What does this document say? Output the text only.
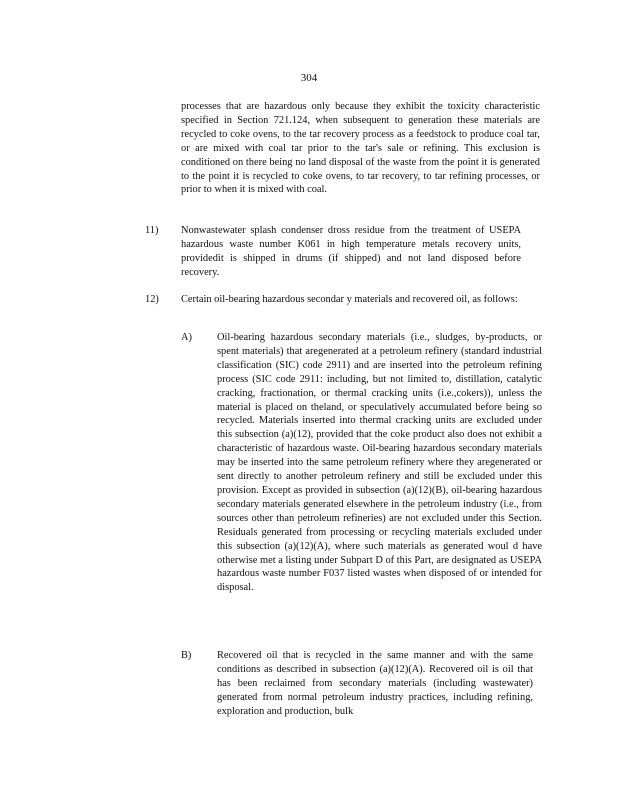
304
processes that are hazardous only because they exhibit the toxicity characteristic specified in Section 721.124, when subsequent to generation these materials are recycled to coke ovens, to the tar recovery process as a feedstock to produce coal tar, or are mixed with coal tar prior to the tar's sale or refining. This exclusion is conditioned on there being no land disposal of the waste from the point it is generated to the point it is recycled to coke ovens, to tar recovery, to tar refining processes, or prior to when it is mixed with coal.
11) Nonwastewater splash condenser dross residue from the treatment of USEPA hazardous waste number K061 in high temperature metals recovery units, providedit is shipped in drums (if shipped) and not land disposed before recovery.
12) Certain oil-bearing hazardous secondar y materials and recovered oil, as follows:
A) Oil-bearing hazardous secondary materials (i.e., sludges, by-products, or spent materials) that aregenerated at a petroleum refinery (standard industrial classification (SIC) code 2911) and are inserted into the petroleum refining process (SIC code 2911: including, but not limited to, distillation, catalytic cracking, fractionation, or thermal cracking units (i.e.,cokers)), unless the material is placed on theland, or speculatively accumulated before being so recycled. Materials inserted into thermal cracking units are excluded under this subsection (a)(12), provided that the coke product also does not exhibit a characteristic of hazardous waste. Oil-bearing hazardous secondary materials may be inserted into the same petroleum refinery where they aregenerated or sent directly to another petroleum refinery and still be excluded under this provision. Except as provided in subsection (a)(12)(B), oil-bearing hazardous secondary materials generated elsewhere in the petroleum industry (i.e., from sources other than petroleum refineries) are not excluded under this Section. Residuals generated from processing or recycling materials excluded under this subsection (a)(12)(A), where such materials as generated woul d have otherwise met a listing under Subpart D of this Part, are designated as USEPA hazardous waste number F037 listed wastes when disposed of or intended for disposal.
B) Recovered oil that is recycled in the same manner and with the same conditions as described in subsection (a)(12)(A). Recovered oil is oil that has been reclaimed from secondary materials (including wastewater) generated from normal petroleum industry practices, including refining, exploration and production, bulk
